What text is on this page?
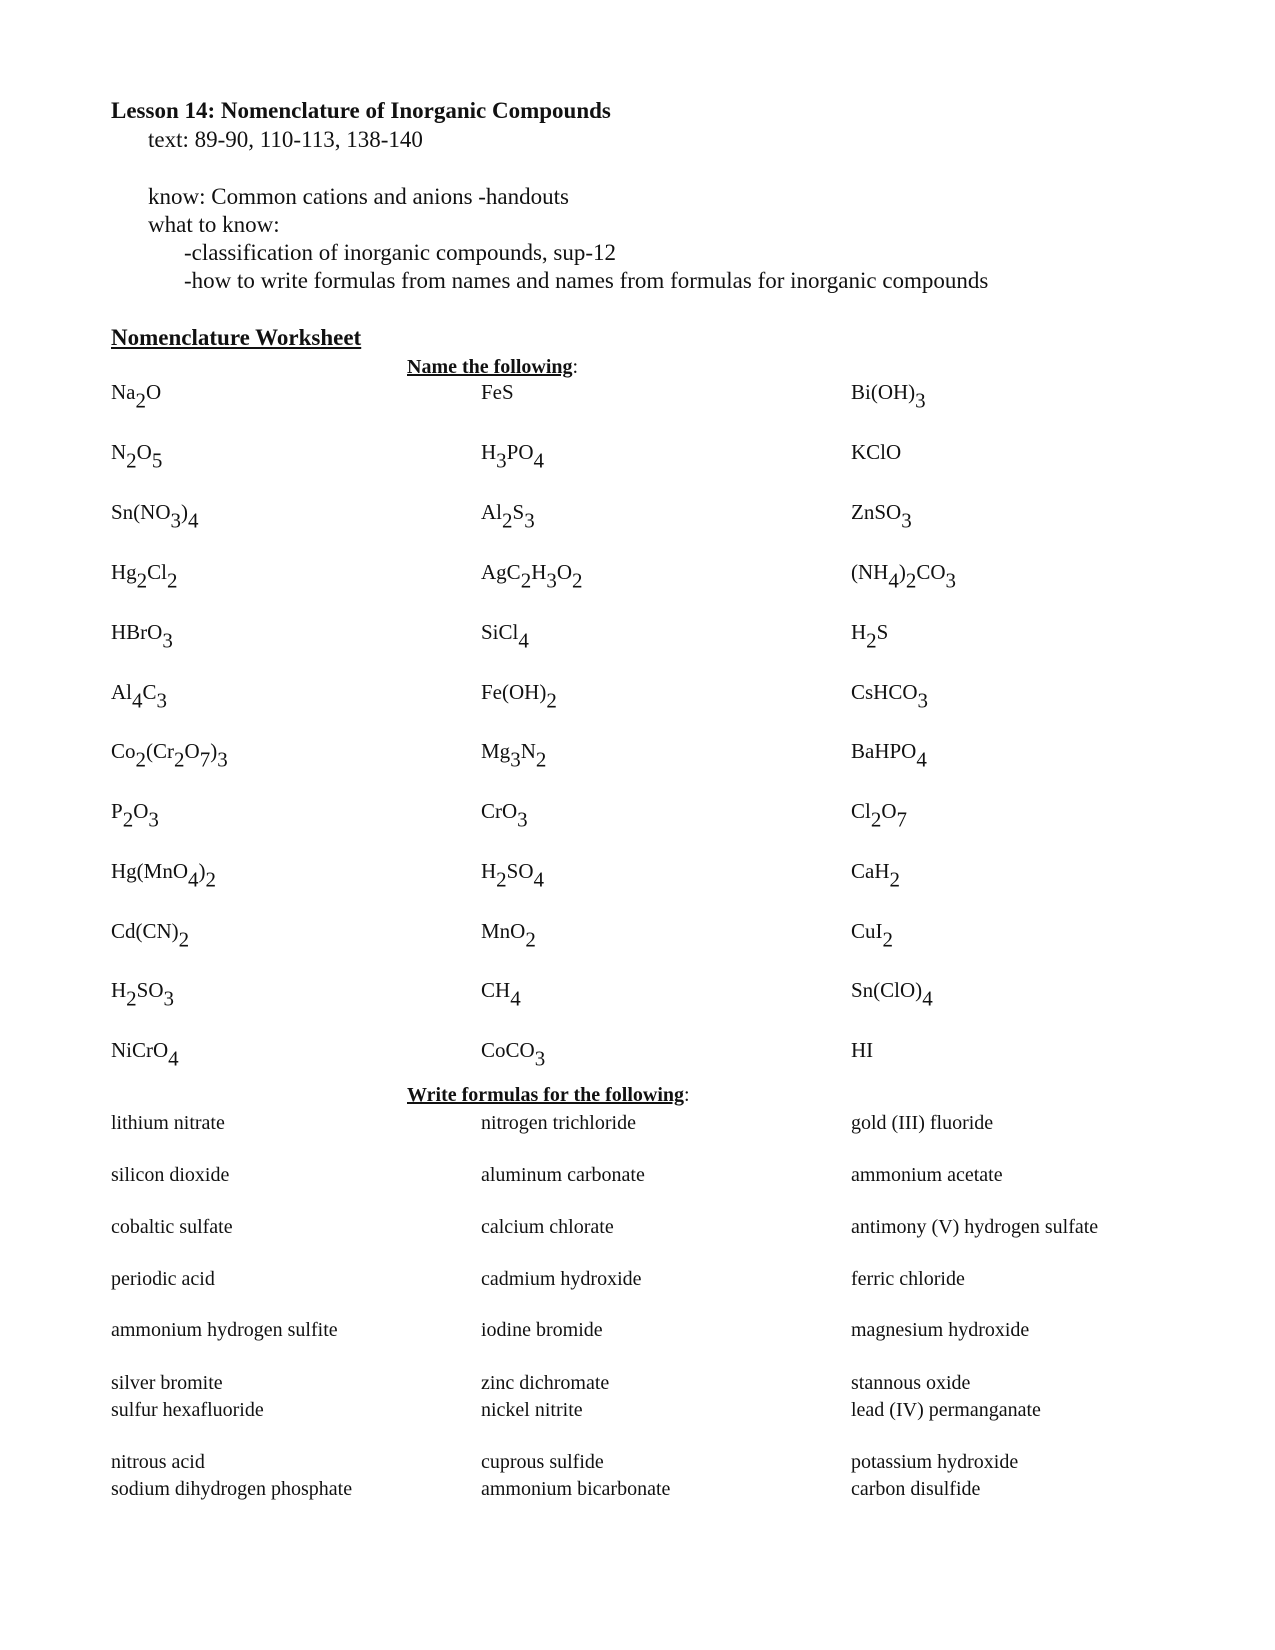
Lesson 14: Nomenclature of Inorganic Compounds
text: 89-90, 110-113, 138-140
know: Common cations and anions -handouts
what to know:
-classification of inorganic compounds, sup-12
-how to write formulas from names and names from formulas for inorganic compounds
Nomenclature Worksheet
Name the following:
$Na_2O$	FeS	$Bi(OH)_3$
$N_2O_5$	$H_3PO_4$	KClO
$Sn(NO_3)_4$	$Al_2S_3$	ZnSO$_3$
$Hg_2Cl_2$	$AgC_2H_3O_2$	$(NH_4)_2CO_3$
HBrO$_3$	SiCl$_4$	$H_2S$
$Al_4C_3$	$Fe(OH)_2$	CsHCO$_3$
$Co_2(Cr_2O_7)_3$	$Mg_3N_2$	BaHPO$_4$
$P_2O_3$	CrO$_3$	$Cl_2O_7$
$Hg(MnO_4)_2$	$H_2SO_4$	CaH$_2$
$Cd(CN)_2$	MnO$_2$	CuI$_2$
$H_2SO_3$	$CH_4$	$Sn(ClO)_4$
NiCrO$_4$	CoCO$_3$	HI
Write formulas for the following:
lithium nitrate	nitrogen trichloride	gold (III) fluoride
silicon dioxide	aluminum carbonate	ammonium acetate
cobaltic sulfate	calcium chlorate	antimony (V) hydrogen sulfate
periodic acid	cadmium hydroxide	ferric chloride
ammonium hydrogen sulfite	iodine bromide	magnesium hydroxide
silver bromite	zinc dichromate	stannous oxide
sulfur hexafluoride	nickel nitrite	lead (IV) permanganate
nitrous acid	cuprous sulfide	potassium hydroxide
sodium dihydrogen phosphate	ammonium bicarbonate	carbon disulfide
